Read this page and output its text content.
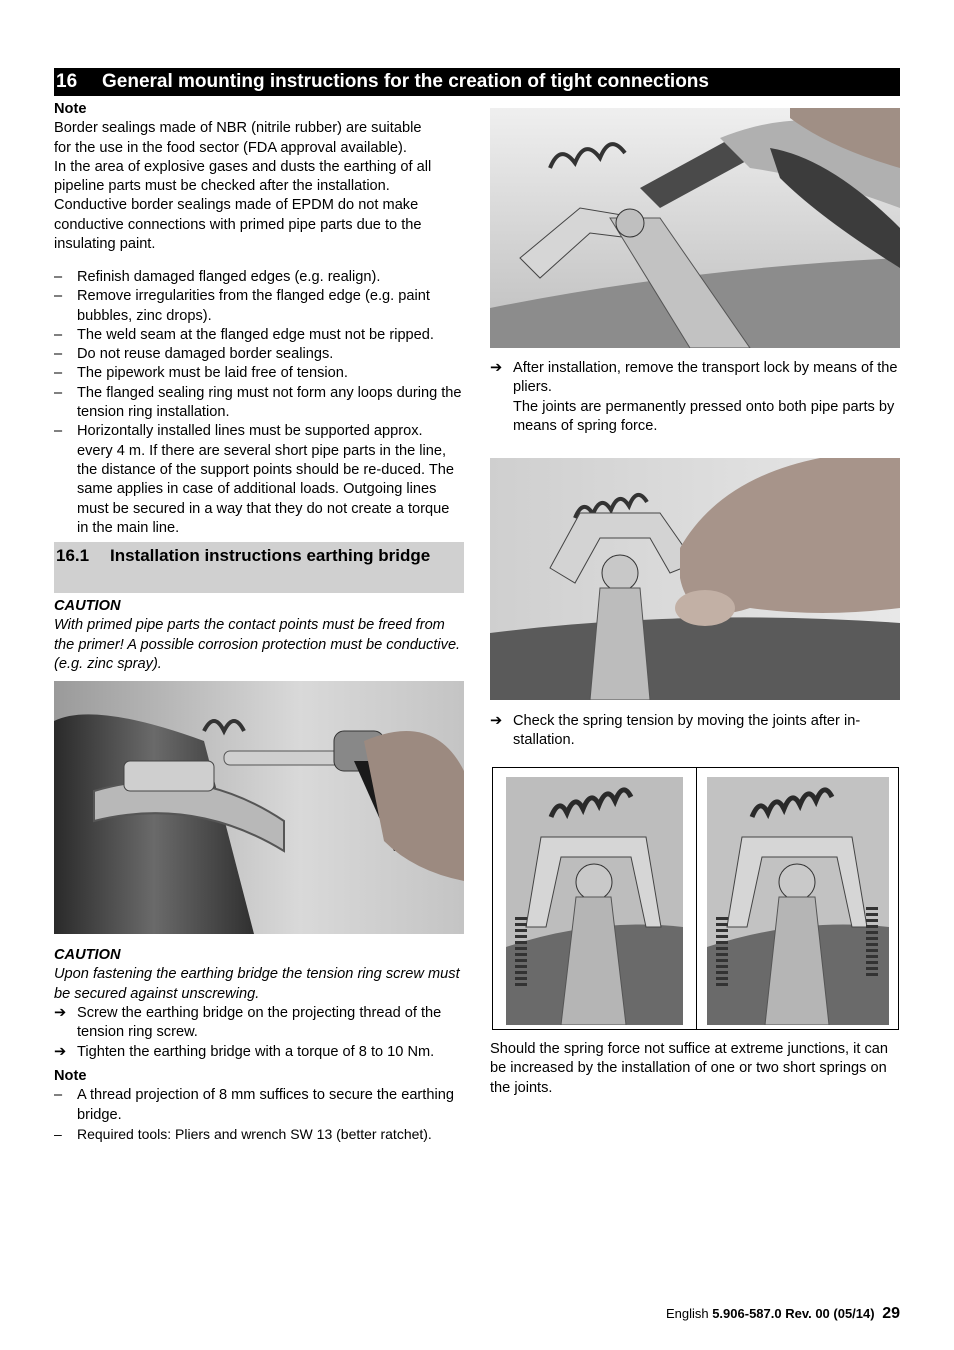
16 General mounting instructions for the creation of tight connections

Note

Border sealings made of NBR (nitrile rubber) are suitable

for the use in the food sector (FDA approval available).

In the area of explosive gases and dusts the earthing of all

pipeline parts must be checked after the installation.

Conductive border sealings made of EPDM do not make

conductive connections with primed pipe parts due to the

insulating paint.

– Refinish damaged flanged edges (e.g. realign).
– Remove irregularities from the flanged edge (e.g. paint bubbles, zinc drops).
– The weld seam at the flanged edge must not be ripped.
– Do not reuse damaged border sealings.
– The pipework must be laid free of tension.
– The flanged sealing ring must not form any loops during the tension ring installation.
– Horizontally installed lines must be supported approx. every 4 m. If there are several short pipe parts in the line, the distance of the support points should be re-duced. The same applies in case of additional loads. Outgoing lines must be secured in a way that they do not create a torque in the main line.
16.1 Installation instructions earthing bridge

CAUTION

With primed pipe parts the contact points must be freed from the primer! A possible corrosion protection must be conductive. (e.g. zinc spray).

CAUTION

Upon fastening the earthing bridge the tension ring screw must be secured against unscrewing.

➔ Screw the earthing bridge on the projecting thread of the tension ring screw.
➔ Tighten the earthing bridge with a torque of 8 to 10 Nm.

Note

– A thread projection of 8 mm suffices to secure the earthing bridge.
– Required tools: Pliers and wrench SW 13 (better ratchet).
➔ After installation, remove the transport lock by means of the pliers.
The joints are permanently pressed onto both pipe parts by means of spring force.
➔ Check the spring tension by moving the joints after in-stallation.

Should the spring force not suffice at extreme junctions, it can be increased by the installation of one or two short springs on the joints.

English 5.906-587.0 Rev. 00 (05/14) 29
